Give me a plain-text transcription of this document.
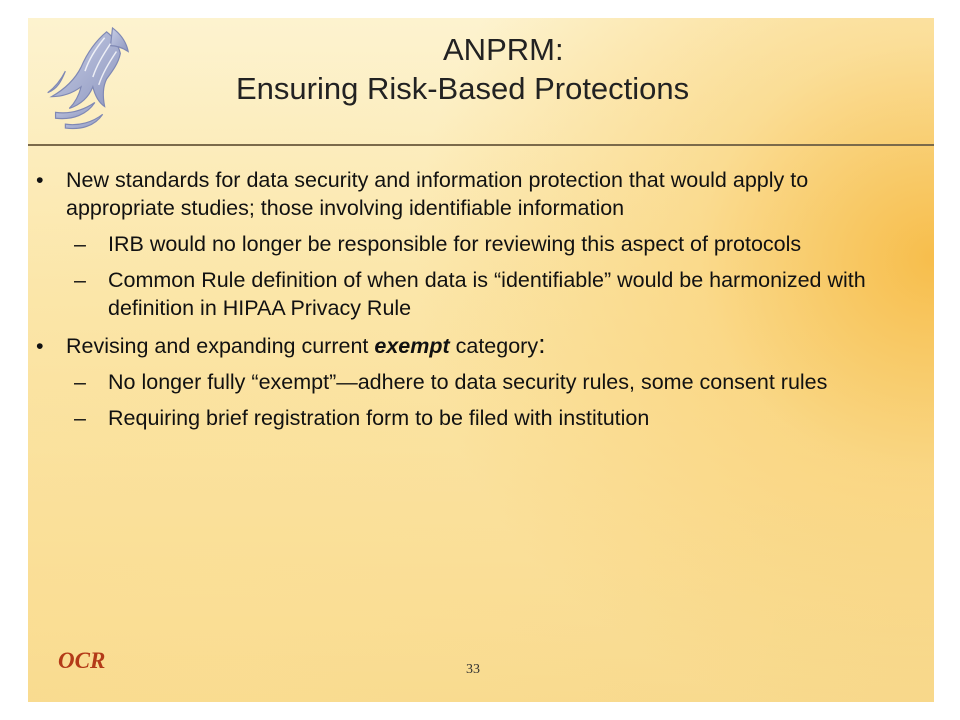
ANPRM:
Ensuring Risk-Based Protections
• New standards for data security and information protection that would apply to appropriate studies; those involving identifiable information
– IRB would no longer be responsible for reviewing this aspect of protocols
– Common Rule definition of when data is “identifiable” would be harmonized with definition in HIPAA Privacy Rule
• Revising and expanding current exempt category:
– No longer fully “exempt”—adhere to data security rules, some consent rules
– Requiring brief registration form to be filed with institution
OCR	33
